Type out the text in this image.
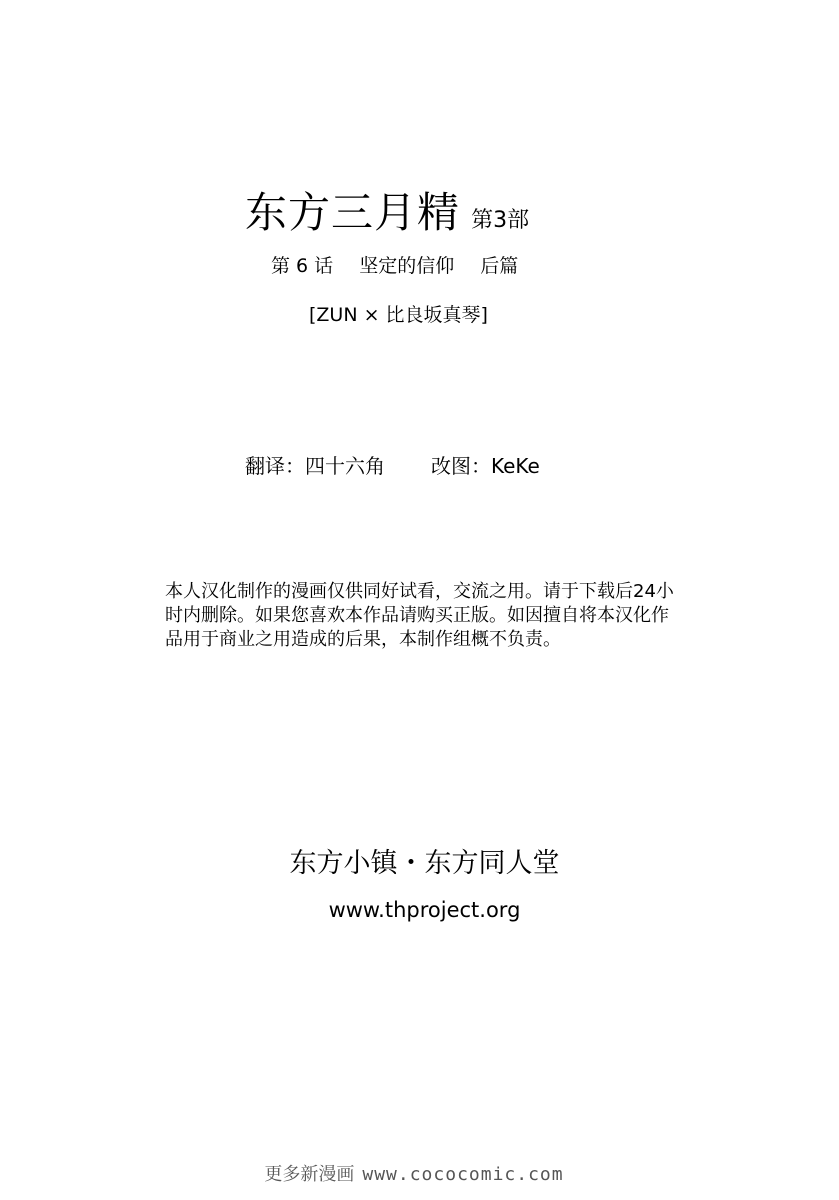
东方三月精 第3部
第 6 话 坚定的信仰 后篇
[ZUN × 比良坂真琴]
翻译：四十六角 改图：KeKe
本人汉化制作的漫画仅供同好试看，交流之用。请于下载后24小时内删除。如果您喜欢本作品请购买正版。如因擅自将本汉化作品用于商业之用造成的后果，本制作组概不负责。
东方小镇・东方同人堂
www.thproject.org
更多新漫画 www.cococomic.com
